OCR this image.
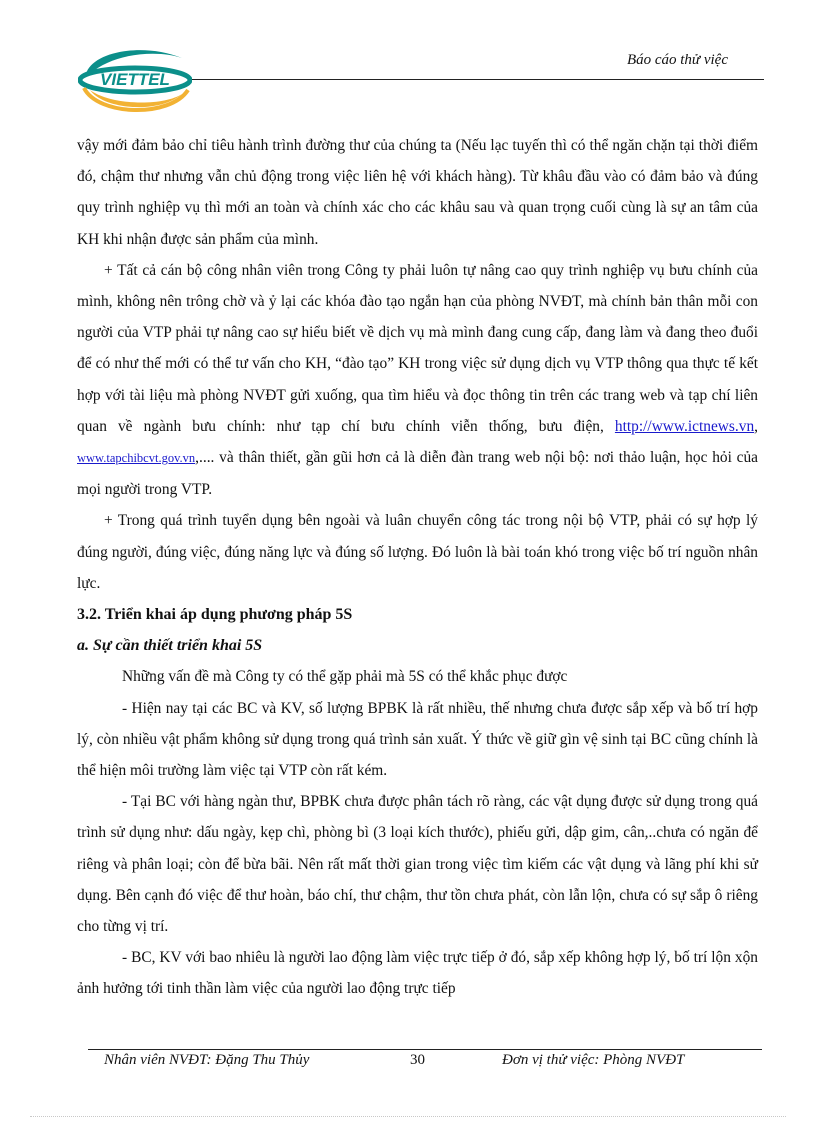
VIETTEL
Báo cáo thử việc

vậy mới đảm bảo chỉ tiêu hành trình đường thư của chúng ta (Nếu lạc tuyến thì có thể ngăn chặn tại thời điểm đó, chậm thư nhưng vẫn chủ động trong việc liên hệ với khách hàng). Từ khâu đầu vào có đảm bảo và đúng quy trình nghiệp vụ thì mới an toàn và chính xác cho các khâu sau và quan trọng cuối cùng là sự an tâm của KH khi nhận được sản phẩm của mình.

+ Tất cả cán bộ công nhân viên trong Công ty phải luôn tự nâng cao quy trình nghiệp vụ bưu chính của mình, không nên trông chờ và ỷ lại các khóa đào tạo ngắn hạn của phòng NVĐT, mà chính bản thân mỗi con người của VTP phải tự nâng cao sự hiểu biết về dịch vụ mà mình đang cung cấp, đang làm và đang theo đuổi để có như thế mới có thể tư vấn cho KH, “đào tạo” KH trong việc sử dụng dịch vụ VTP thông qua thực tế kết hợp với tài liệu mà phòng NVĐT gửi xuống, qua tìm hiểu và đọc thông tin trên các trang web và tạp chí liên quan về ngành bưu chính: như tạp chí bưu chính viễn thống, bưu điện, http://www.ictnews.vn, www.tapchibcvt.gov.vn,.... và thân thiết, gần gũi hơn cả là diễn đàn trang web nội bộ: nơi thảo luận, học hỏi của mọi người trong VTP.

+ Trong quá trình tuyển dụng bên ngoài và luân chuyển công tác trong nội bộ VTP, phải có sự hợp lý đúng người, đúng việc, đúng năng lực và đúng số lượng. Đó luôn là bài toán khó trong việc bố trí nguồn nhân lực.

3.2. Triển khai áp dụng phương pháp 5S

a. Sự cần thiết triển khai 5S

Những vấn đề mà Công ty có thể gặp phải mà 5S có thể khắc phục được

- Hiện nay tại các BC và KV, số lượng BPBK là rất nhiều, thế nhưng chưa được sắp xếp và bố trí hợp lý, còn nhiều vật phẩm không sử dụng trong quá trình sản xuất. Ý thức về giữ gìn vệ sinh tại BC cũng chính là thể hiện môi trường làm việc tại VTP còn rất kém.

- Tại BC với hàng ngàn thư, BPBK chưa được phân tách rõ ràng, các vật dụng được sử dụng trong quá trình sử dụng như: dấu ngày, kẹp chì, phòng bì (3 loại kích thước), phiếu gửi, dập gim, cân,..chưa có ngăn để riêng và phân loại; còn để bừa bãi. Nên rất mất thời gian trong việc tìm kiếm các vật dụng và lãng phí khi sử dụng. Bên cạnh đó việc để thư hoàn, báo chí, thư chậm, thư tồn chưa phát, còn lẫn lộn, chưa có sự sắp ô riêng cho từng vị trí.

- BC, KV với bao nhiêu là người lao động làm việc trực tiếp ở đó, sắp xếp không hợp lý, bố trí lộn xộn ảnh hưởng tới tinh thần làm việc của người lao động trực tiếp

Nhân viên NVĐT: Đặng Thu Thủy	30	Đơn vị thử việc: Phòng NVĐT
